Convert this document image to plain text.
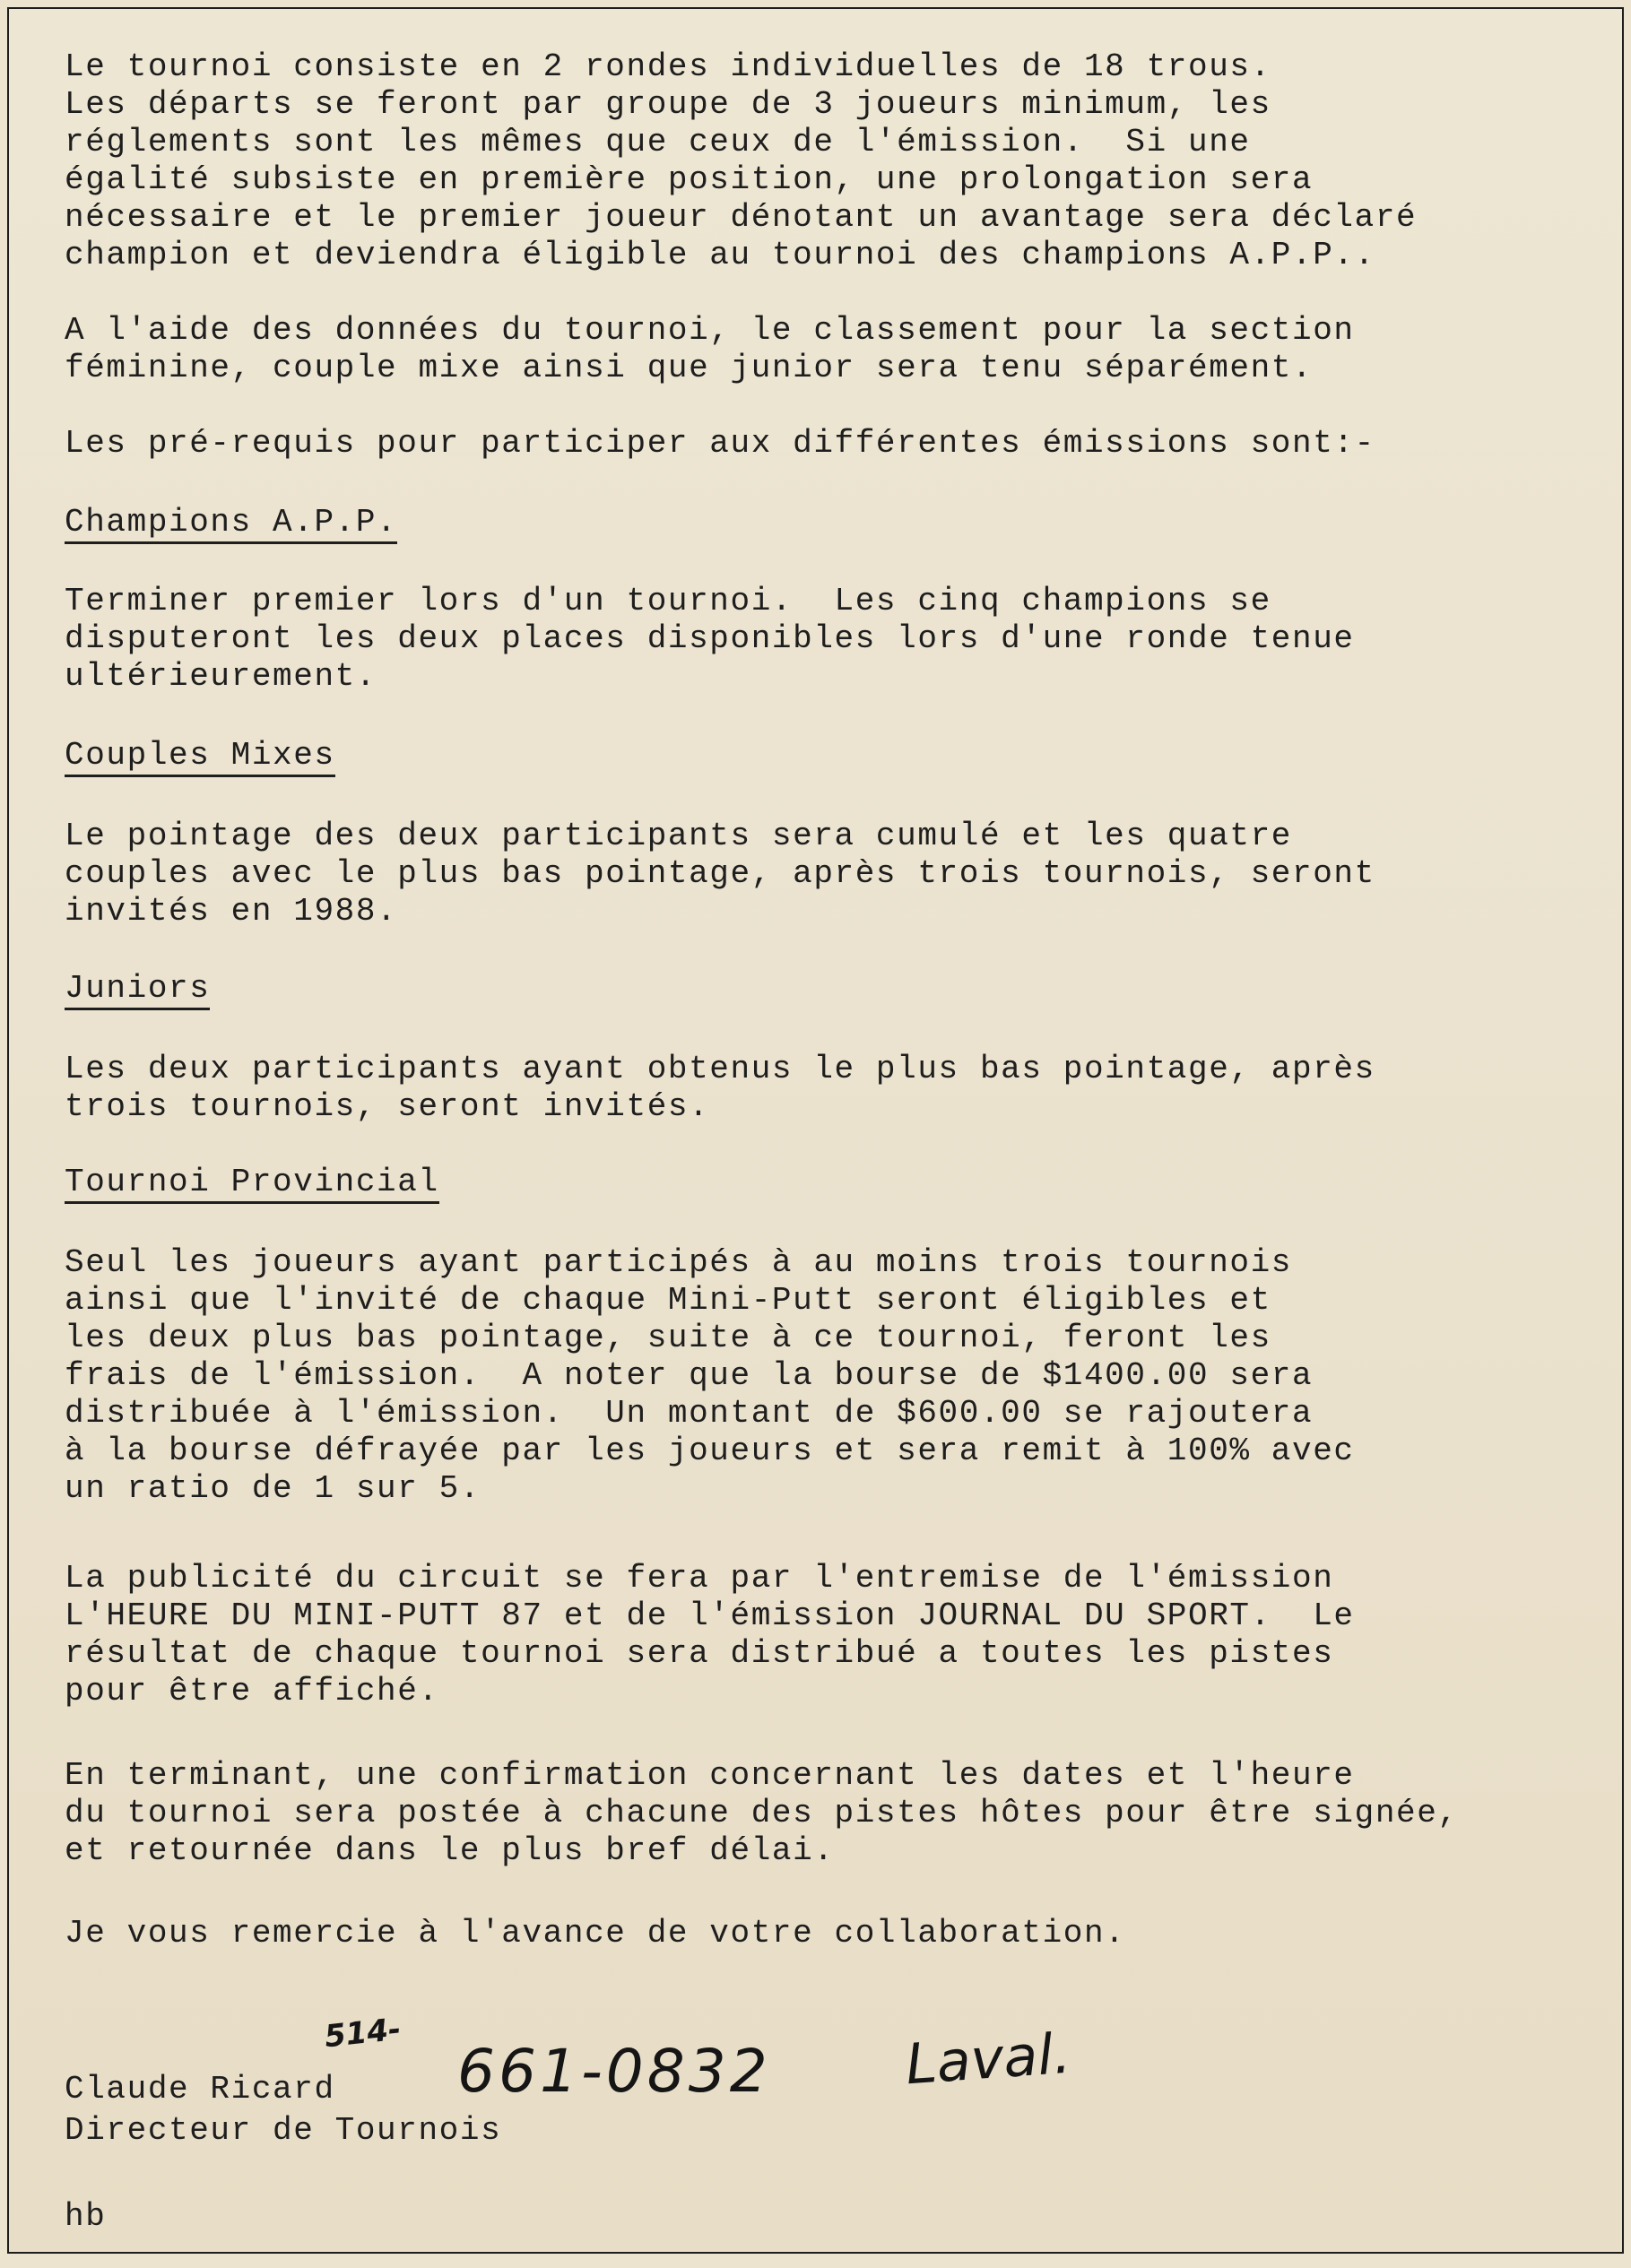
Le tournoi consiste en 2 rondes individuelles de 18 trous.
Les départs se feront par groupe de 3 joueurs minimum, les
réglements sont les mêmes que ceux de l'émission.  Si une
égalité subsiste en première position, une prolongation sera
nécessaire et le premier joueur dénotant un avantage sera déclaré
champion et deviendra éligible au tournoi des champions A.P.P..

A l'aide des données du tournoi, le classement pour la section
féminine, couple mixe ainsi que junior sera tenu séparément.

Les pré-requis pour participer aux différentes émissions sont:-

Champions A.P.P.

Terminer premier lors d'un tournoi.  Les cinq champions se
disputeront les deux places disponibles lors d'une ronde tenue
ultérieurement.

Couples Mixes

Le pointage des deux participants sera cumulé et les quatre
couples avec le plus bas pointage, après trois tournois, seront
invités en 1988.

Juniors

Les deux participants ayant obtenus le plus bas pointage, après
trois tournois, seront invités.

Tournoi Provincial

Seul les joueurs ayant participés à au moins trois tournois
ainsi que l'invité de chaque Mini-Putt seront éligibles et
les deux plus bas pointage, suite à ce tournoi, feront les
frais de l'émission.  A noter que la bourse de $1400.00 sera
distribuée à l'émission.  Un montant de $600.00 se rajoutera
à la bourse défrayée par les joueurs et sera remit à 100% avec
un ratio de 1 sur 5.

La publicité du circuit se fera par l'entremise de l'émission
L'HEURE DU MINI-PUTT 87 et de l'émission JOURNAL DU SPORT.  Le
résultat de chaque tournoi sera distribué a toutes les pistes
pour être affiché.

En terminant, une confirmation concernant les dates et l'heure
du tournoi sera postée à chacune des pistes hôtes pour être signée,
et retournée dans le plus bref délai.

Je vous remercie à l'avance de votre collaboration.

Claude Ricard

Directeur de Tournois

514-
661-0832 Laval.

hb
